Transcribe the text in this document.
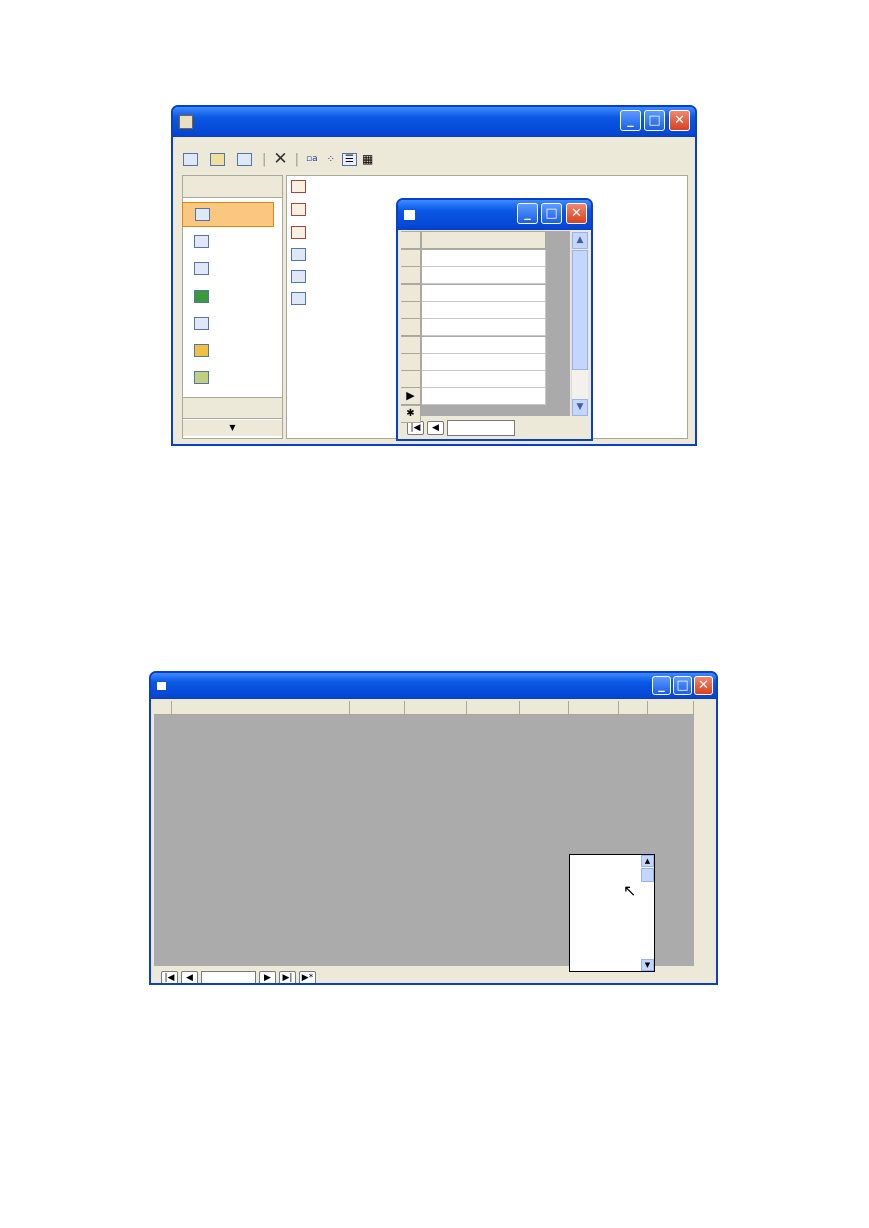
_	□	✕
| ✕ | ▫a ⁘	☰ ▦
▼
_	□	✕
▲
▼
|◀	◀
▶
✱
_ □ ✕
▲
▼
↖
|◀	◀	▶	▶|	▶*
